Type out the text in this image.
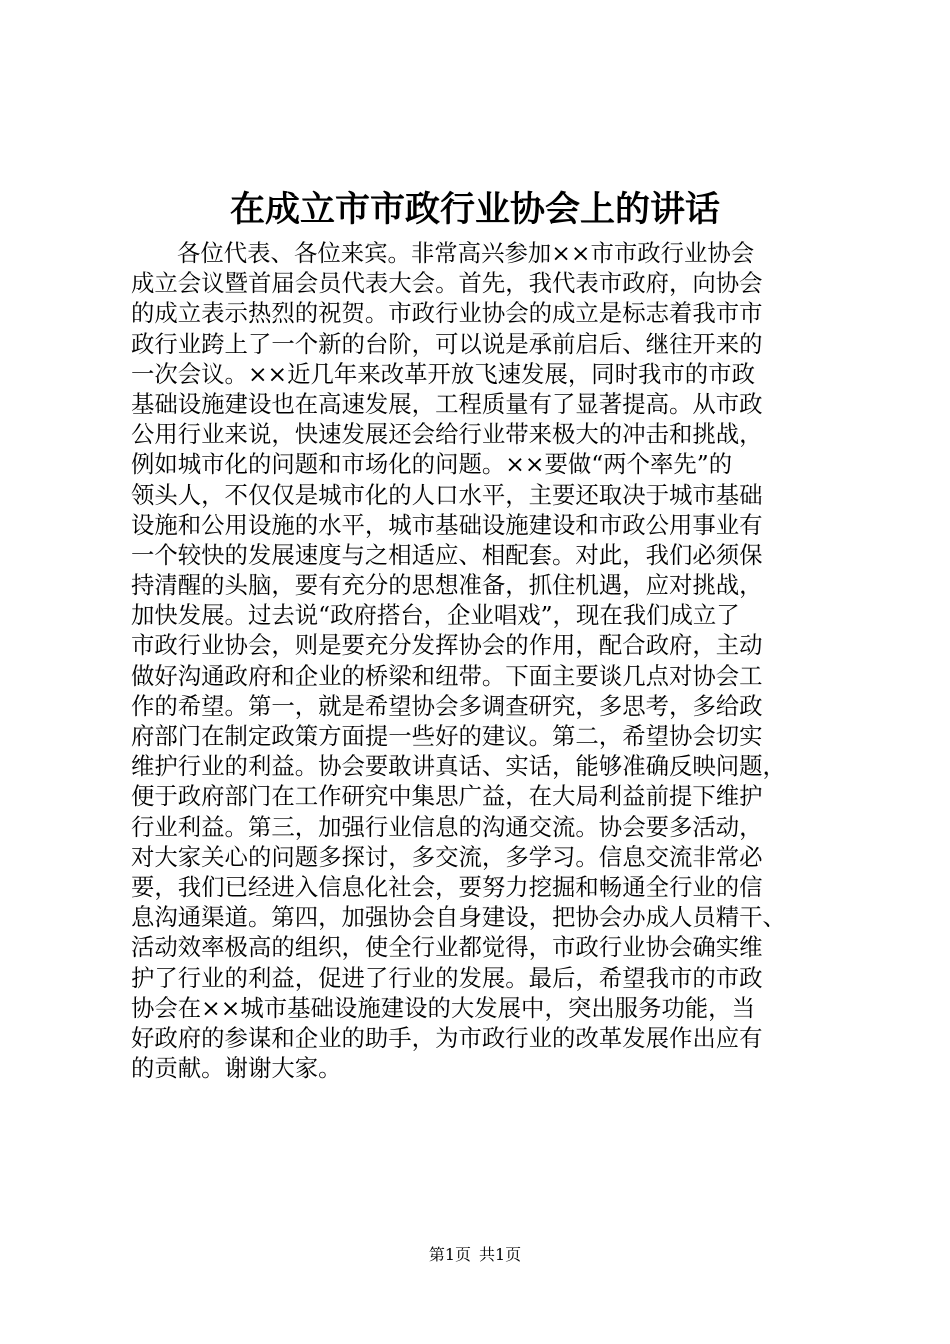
在成立市市政行业协会上的讲话
各位代表、各位来宾。非常高兴参加××市市政行业协会
成立会议暨首届会员代表大会。首先，我代表市政府，向协会
的成立表示热烈的祝贺。市政行业协会的成立是标志着我市市
政行业跨上了一个新的台阶，可以说是承前启后、继往开来的
一次会议。××近几年来改革开放飞速发展，同时我市的市政
基础设施建设也在高速发展，工程质量有了显著提高。从市政
公用行业来说，快速发展还会给行业带来极大的冲击和挑战，
例如城市化的问题和市场化的问题。××要做“两个率先”的
领头人，不仅仅是城市化的人口水平，主要还取决于城市基础
设施和公用设施的水平，城市基础设施建设和市政公用事业有
一个较快的发展速度与之相适应、相配套。对此，我们必须保
持清醒的头脑，要有充分的思想准备，抓住机遇，应对挑战，
加快发展。过去说“政府搭台，企业唱戏”，现在我们成立了
市政行业协会，则是要充分发挥协会的作用，配合政府，主动
做好沟通政府和企业的桥梁和纽带。下面主要谈几点对协会工
作的希望。第一，就是希望协会多调查研究，多思考，多给政
府部门在制定政策方面提一些好的建议。第二，希望协会切实
维护行业的利益。协会要敢讲真话、实话，能够准确反映问题，
便于政府部门在工作研究中集思广益，在大局利益前提下维护
行业利益。第三，加强行业信息的沟通交流。协会要多活动，
对大家关心的问题多探讨，多交流，多学习。信息交流非常必
要，我们已经进入信息化社会，要努力挖掘和畅通全行业的信
息沟通渠道。第四，加强协会自身建设，把协会办成人员精干、
活动效率极高的组织，使全行业都觉得，市政行业协会确实维
护了行业的利益，促进了行业的发展。最后，希望我市的市政
协会在××城市基础设施建设的大发展中，突出服务功能，当
好政府的参谋和企业的助手，为市政行业的改革发展作出应有
的贡献。谢谢大家。
第1页 共1页
